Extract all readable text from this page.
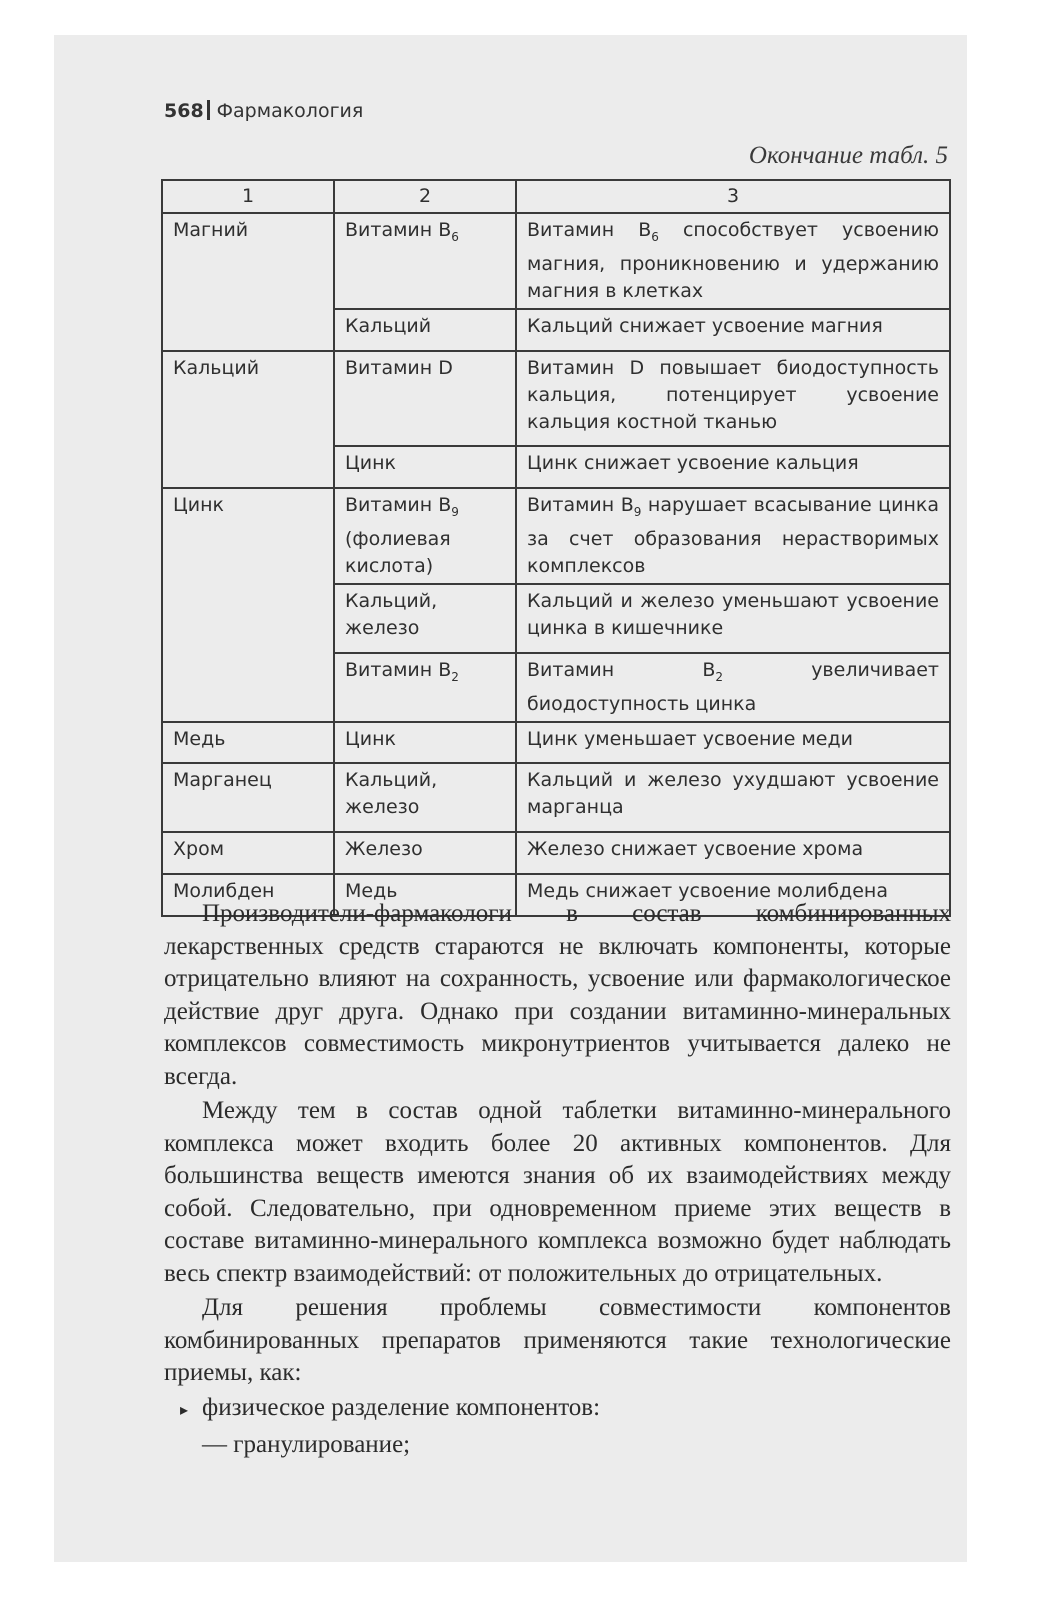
568 Фармакология
Окончание табл. 5
1	2	3
Магний	Витамин $B_6$	Витамин $B_6$ способствует усвоению магния, проникновению и удержанию магния в клетках
	Кальций	Кальций снижает усвоение магния
Кальций	Витамин D	Витамин D повышает биодоступность кальция, потенцирует усвоение кальция костной тканью
	Цинк	Цинк снижает усвоение кальция
Цинк	Витамин $B_9$ (фолиевая кислота)	Витамин $B_9$ нарушает всасывание цинка за счет образования нерастворимых комплексов
	Кальций, железо	Кальций и железо уменьшают усвоение цинка в кишечнике
	Витамин $B_2$	Витамин $B_2$ увеличивает биодоступность цинка
Медь	Цинк	Цинк уменьшает усвоение меди
Марганец	Кальций, железо	Кальций и железо ухудшают усвоение марганца
Хром	Железо	Железо снижает усвоение хрома
Молибден	Медь	Медь снижает усвоение молибдена

Производители-фармакологи в состав комбинированных лекарственных средств стараются не включать компоненты, которые отрицательно влияют на сохранность, усвоение или фармакологическое действие друг друга. Однако при создании витаминно-минеральных комплексов совместимость микронутриентов учитывается далеко не всегда.

Между тем в состав одной таблетки витаминно-минерального комплекса может входить более 20 активных компонентов. Для большинства веществ имеются знания об их взаимодействиях между собой. Следовательно, при одновременном приеме этих веществ в составе витаминно-минерального комплекса возможно будет наблюдать весь спектр взаимодействий: от положительных до отрицательных.

Для решения проблемы совместимости компонентов комбинированных препаратов применяются такие технологические приемы, как:

▸ физическое разделение компонентов:

— гранулирование;
